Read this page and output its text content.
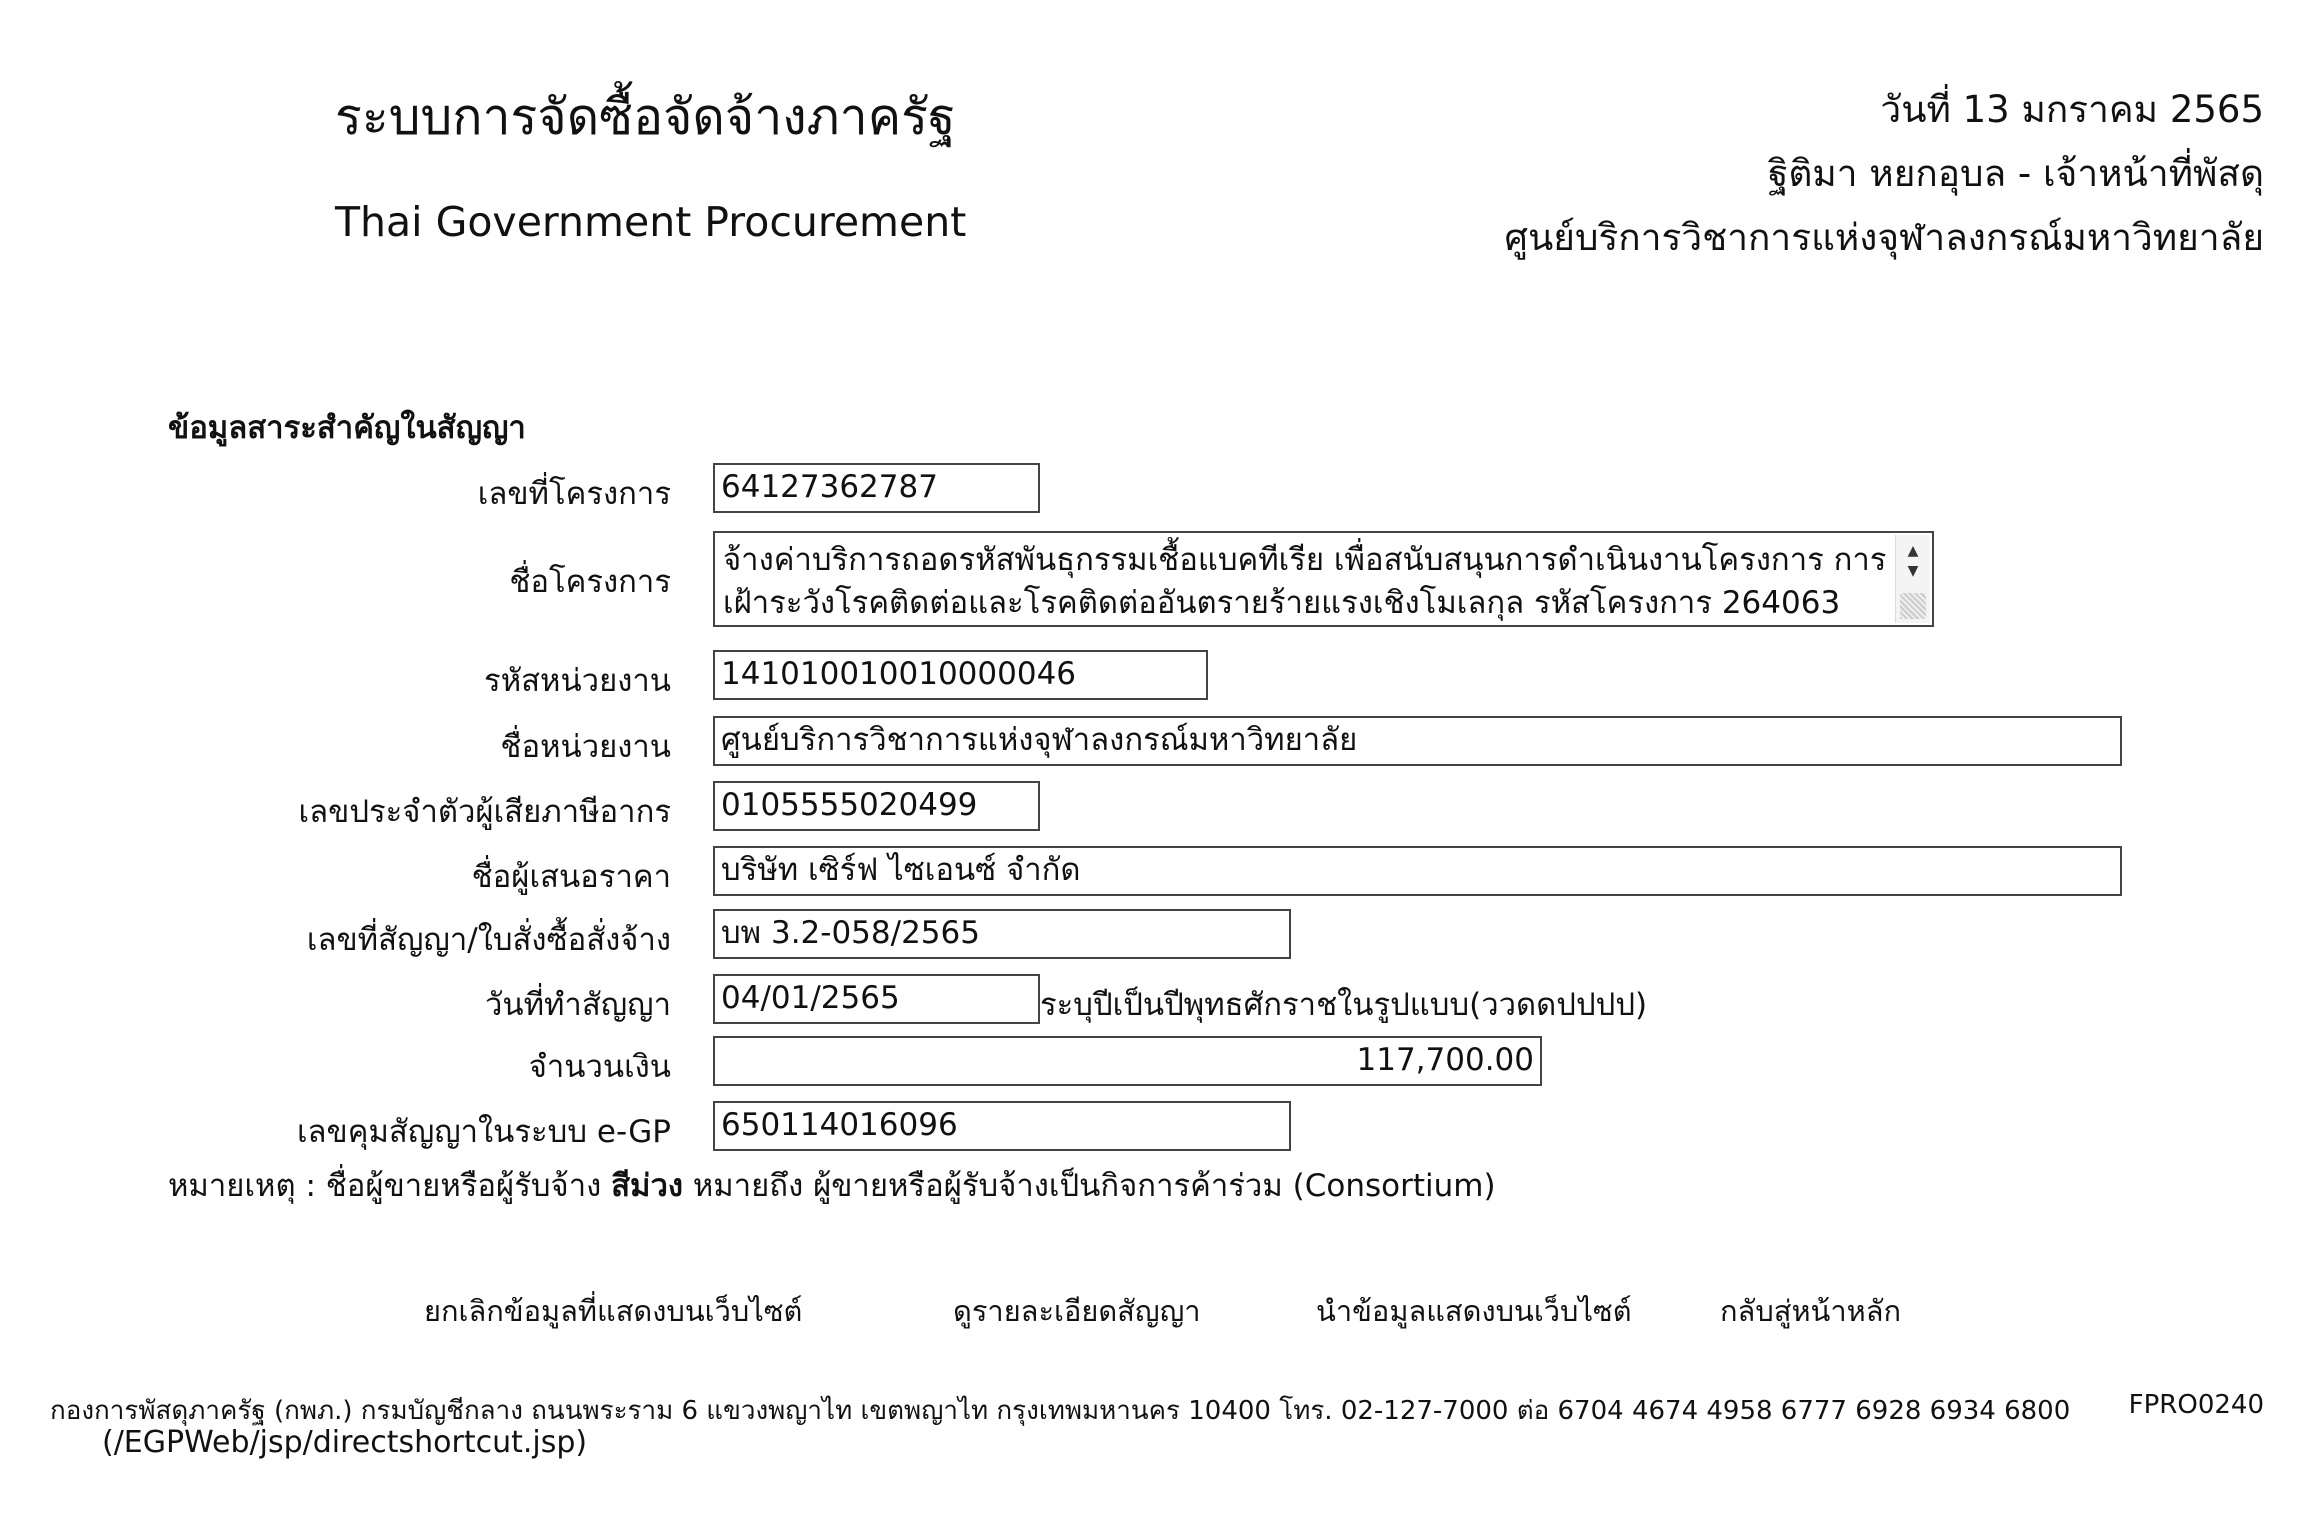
ระบบการจัดซื้อจัดจ้างภาครัฐ
Thai Government Procurement
วันที่ 13 มกราคม 2565
ฐิติมา หยกอุบล - เจ้าหน้าที่พัสดุ
ศูนย์บริการวิชาการแห่งจุฬาลงกรณ์มหาวิทยาลัย
ข้อมูลสาระสำคัญในสัญญา
เลขที่โครงการ 64127362787
ชื่อโครงการ
จ้างค่าบริการถอดรหัสพันธุกรรมเชื้อแบคทีเรีย เพื่อสนับสนุนการดำเนินงานโครงการ การ
เฝ้าระวังโรคติดต่อและโรคติดต่ออันตรายร้ายแรงเชิงโมเลกุล รหัสโครงการ 264063
▲
▼
รหัสหน่วยงาน 141010010010000046
ชื่อหน่วยงาน ศูนย์บริการวิชาการแห่งจุฬาลงกรณ์มหาวิทยาลัย
เลขประจำตัวผู้เสียภาษีอากร 0105555020499
ชื่อผู้เสนอราคา บริษัท เซิร์ฟ ไซเอนซ์ จำกัด
เลขที่สัญญา/ใบสั่งซื้อสั่งจ้าง บพ 3.2-058/2565
วันที่ทำสัญญา 04/01/2565	ระบุปีเป็นปีพุทธศักราชในรูปแบบ(ววดดปปปป)
จำนวนเงิน	117,700.00
เลขคุมสัญญาในระบบ e-GP 650114016096
หมายเหตุ : ชื่อผู้ขายหรือผู้รับจ้าง สีม่วง หมายถึง ผู้ขายหรือผู้รับจ้างเป็นกิจการค้าร่วม (Consortium)
ยกเลิกข้อมูลที่แสดงบนเว็บไซต์	ดูรายละเอียดสัญญา	นำข้อมูลแสดงบนเว็บไซต์	กลับสู่หน้าหลัก
กองการพัสดุภาครัฐ (กพภ.) กรมบัญชีกลาง ถนนพระราม 6 แขวงพญาไท เขตพญาไท กรุงเทพมหานคร 10400 โทร. 02-127-7000 ต่อ 6704 4674 4958 6777 6928 6934 6800 FPRO0240
(/EGPWeb/jsp/directshortcut.jsp)
